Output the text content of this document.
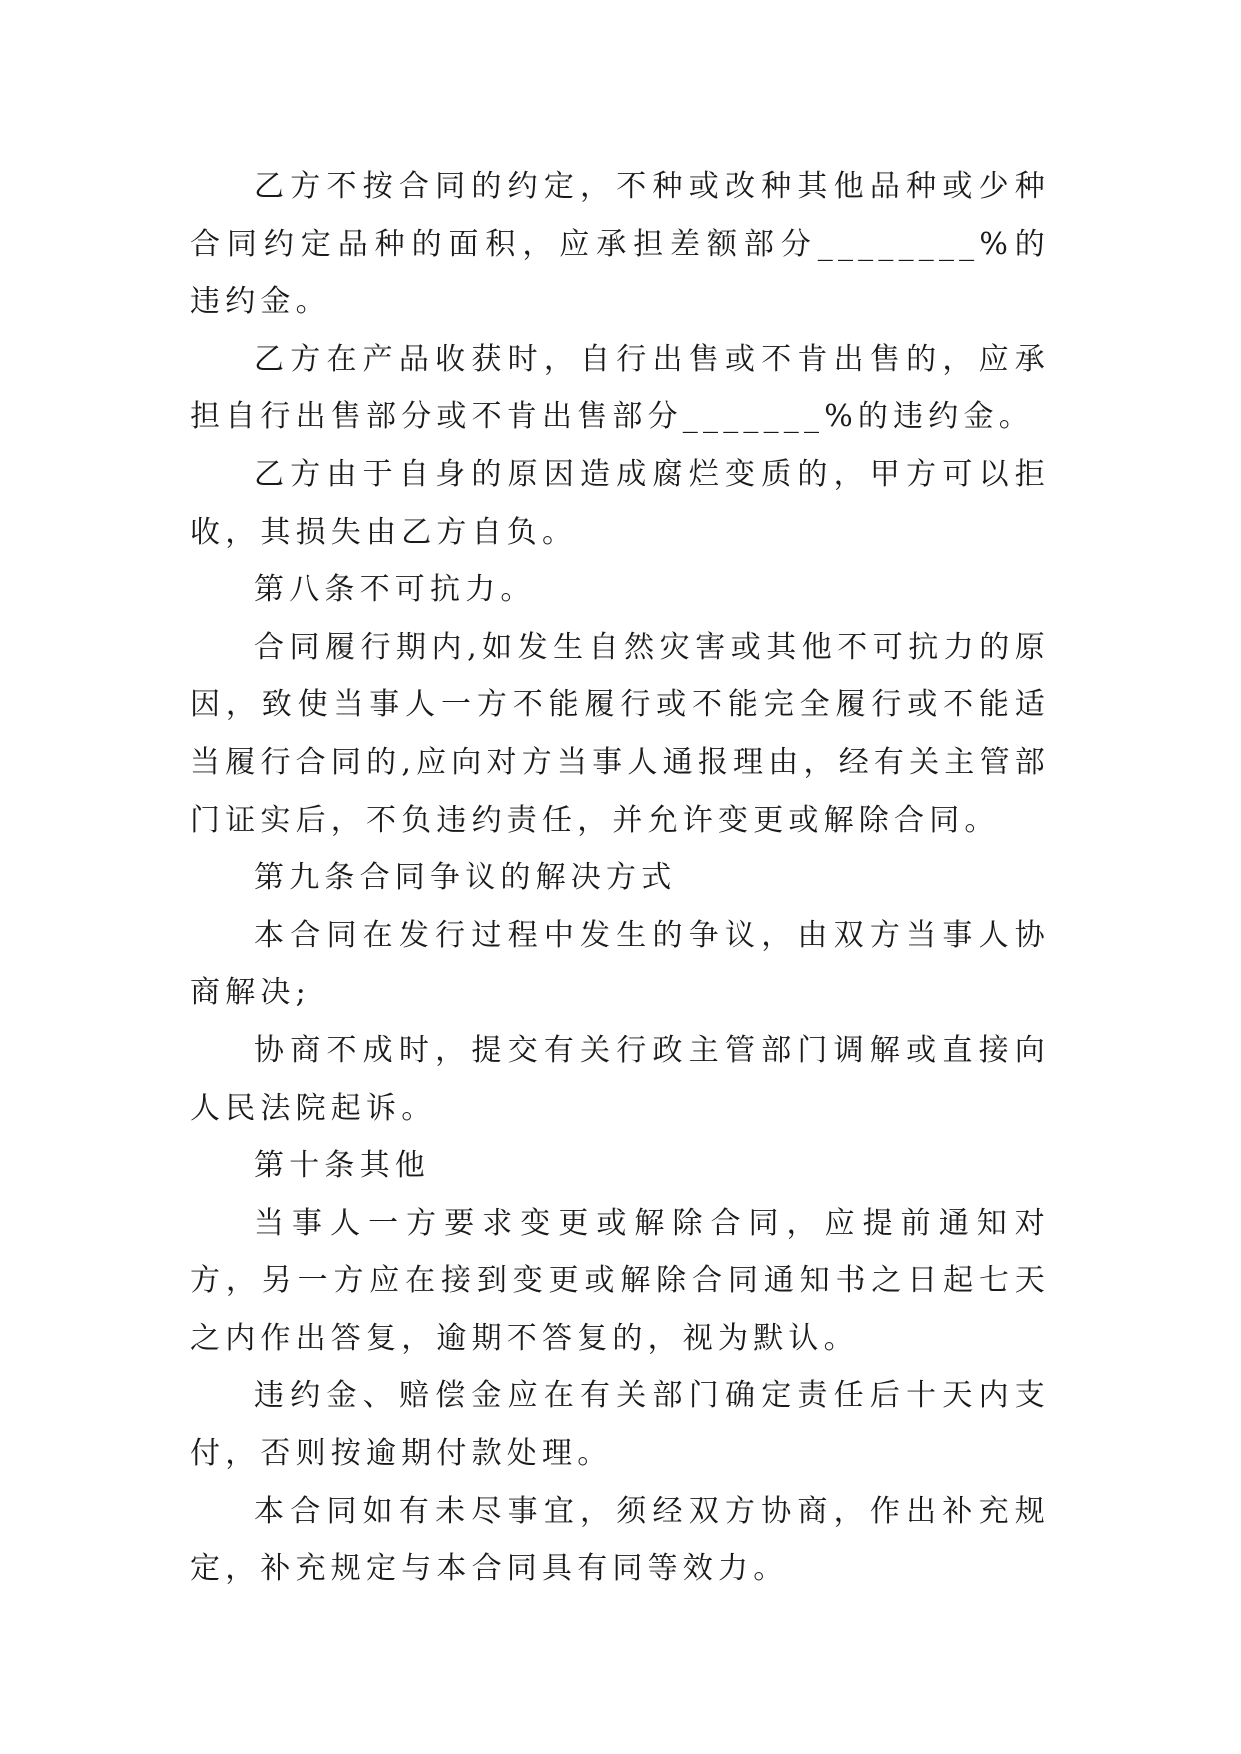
乙方不按合同的约定，不种或改种其他品种或少种合同约定品种的面积，应承担差额部分________%的违约金。

乙方在产品收获时，自行出售或不肯出售的，应承担自行出售部分或不肯出售部分_______%的违约金。

乙方由于自身的原因造成腐烂变质的，甲方可以拒收，其损失由乙方自负。

第八条不可抗力。

合同履行期内,如发生自然灾害或其他不可抗力的原因，致使当事人一方不能履行或不能完全履行或不能适当履行合同的,应向对方当事人通报理由，经有关主管部门证实后，不负违约责任，并允许变更或解除合同。

第九条合同争议的解决方式

本合同在发行过程中发生的争议，由双方当事人协商解决;

协商不成时，提交有关行政主管部门调解或直接向人民法院起诉。

第十条其他

当事人一方要求变更或解除合同，应提前通知对方，另一方应在接到变更或解除合同通知书之日起七天之内作出答复，逾期不答复的，视为默认。

违约金、赔偿金应在有关部门确定责任后十天内支付，否则按逾期付款处理。

本合同如有未尽事宜，须经双方协商，作出补充规定，补充规定与本合同具有同等效力。
